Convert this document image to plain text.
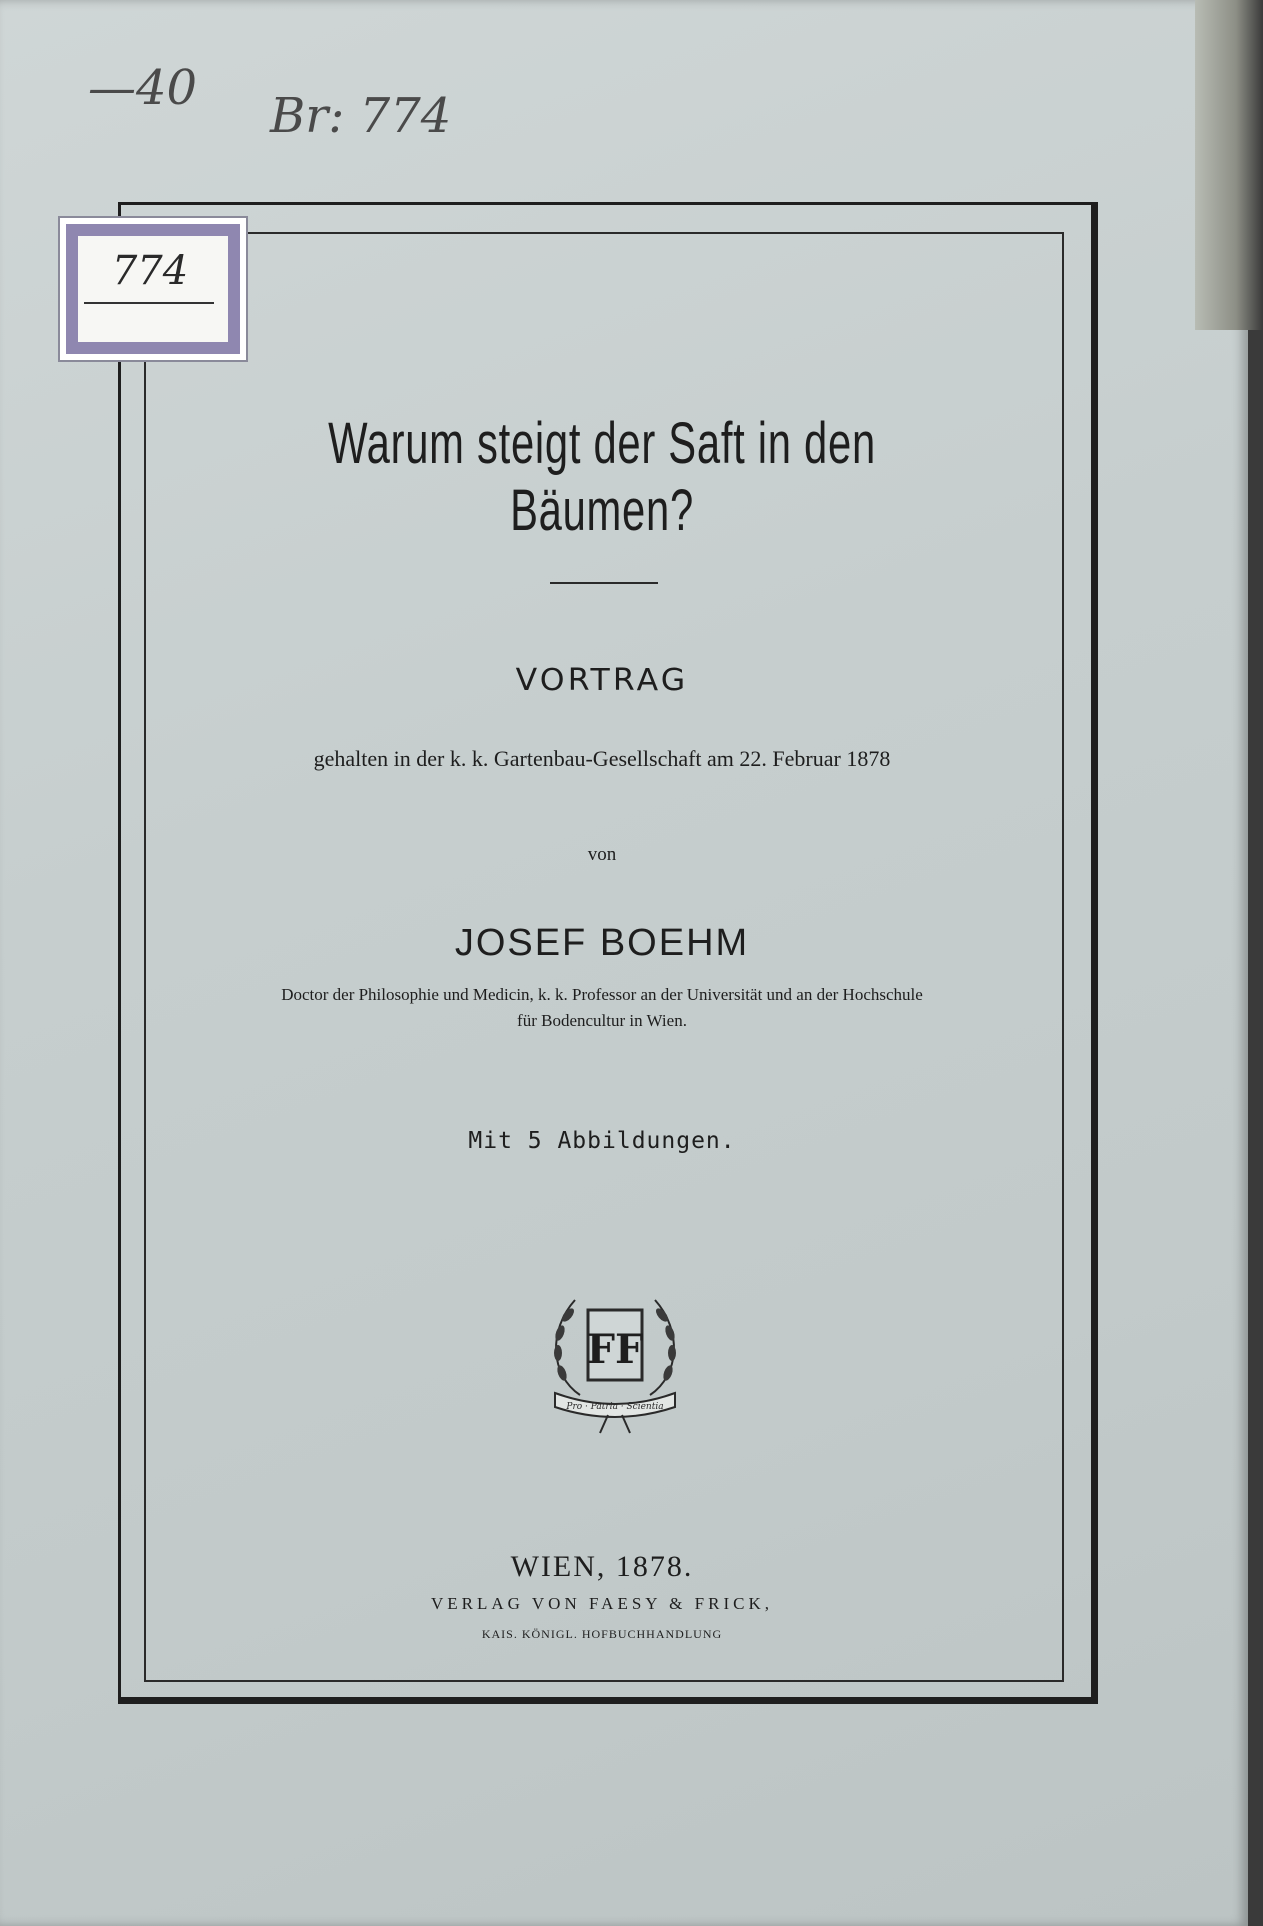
—40 Br: 774
774
Warum steigt der Saft in den Bäumen?
VORTRAG
gehalten in der k. k. Gartenbau-Gesellschaft am 22. Februar 1878
von
JOSEF BOEHM
Doctor der Philosophie und Medicin, k. k. Professor an der Universität und an der Hochschule
für Bodencultur in Wien.
Mit 5 Abbildungen.
FF
Pro · Patria · Scientia
WIEN, 1878.
VERLAG VON FAESY & FRICK,
KAIS. KÖNIGL. HOFBUCHHANDLUNG
